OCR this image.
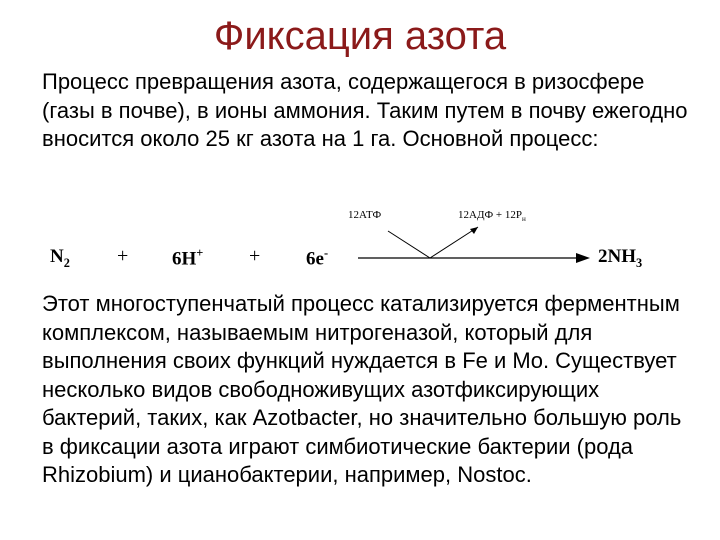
Фиксация азота

Процесс превращения азота, содержащегося в ризосфере (газы в почве), в ионы аммония. Таким путем в почву ежегодно вносится около 25 кг азота на 1 га. Основной процесс:

$N_2 + 6H^+ + 6e^-$
12АТФ	$12АДФ + 12Р_н$
$2NH_3$

Этот многоступенчатый процесс катализируется ферментным комплексом, называемым нитрогеназой, который для выполнения своих функций нуждается в Fe и Mo. Существует несколько видов свободноживущих азотфиксирующих бактерий, таких, как Azotbacter, но значительно большую роль в фиксации азота играют симбиотические бактерии (рода Rhizobium) и цианобактерии, например, Nostoc.
